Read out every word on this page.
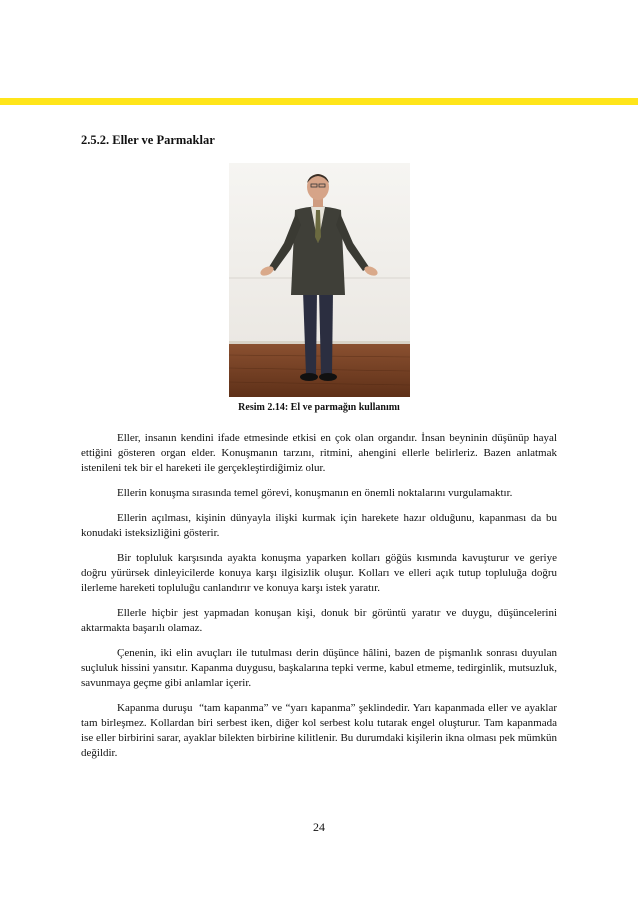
2.5.2. Eller ve Parmaklar

Resim 2.14: El ve parmağın kullanımı

Eller, insanın kendini ifade etmesinde etkisi en çok olan organdır. İnsan beyninin düşünüp hayal ettiğini gösteren organ elder. Konuşmanın tarzını, ritmini, ahengini ellerle belirleriz. Bazen anlatmak istenileni tek bir el hareketi ile gerçekleştirdiğimiz olur.

Ellerin konuşma sırasında temel görevi, konuşmanın en önemli noktalarını vurgulamaktır.

Ellerin açılması, kişinin dünyayla ilişki kurmak için harekete hazır olduğunu, kapanması da bu konudaki isteksizliğini gösterir.

Bir topluluk karşısında ayakta konuşma yaparken kolları göğüs kısmında kavuşturur ve geriye doğru yürürsek dinleyicilerde konuya karşı ilgisizlik oluşur. Kolları ve elleri açık tutup topluluğa doğru ilerleme hareketi topluluğu canlandırır ve konuya karşı istek yaratır.

Ellerle hiçbir jest yapmadan konuşan kişi, donuk bir görüntü yaratır ve duygu, düşüncelerini aktarmakta başarılı olamaz.

Çenenin, iki elin avuçları ile tutulması derin düşünce hâlini, bazen de pişmanlık sonrası duyulan suçluluk hissini yansıtır. Kapanma duygusu, başkalarına tepki verme, kabul etmeme, tedirginlik, mutsuzluk, savunmaya geçme gibi anlamlar içerir.

Kapanma duruşu  “tam kapanma” ve “yarı kapanma” şeklindedir. Yarı kapanmada eller ve ayaklar tam birleşmez. Kollardan biri serbest iken, diğer kol serbest kolu tutarak engel oluşturur. Tam kapanmada ise eller birbirini sarar, ayaklar bilekten birbirine kilitlenir. Bu durumdaki kişilerin ikna olması pek mümkün değildir.

24
